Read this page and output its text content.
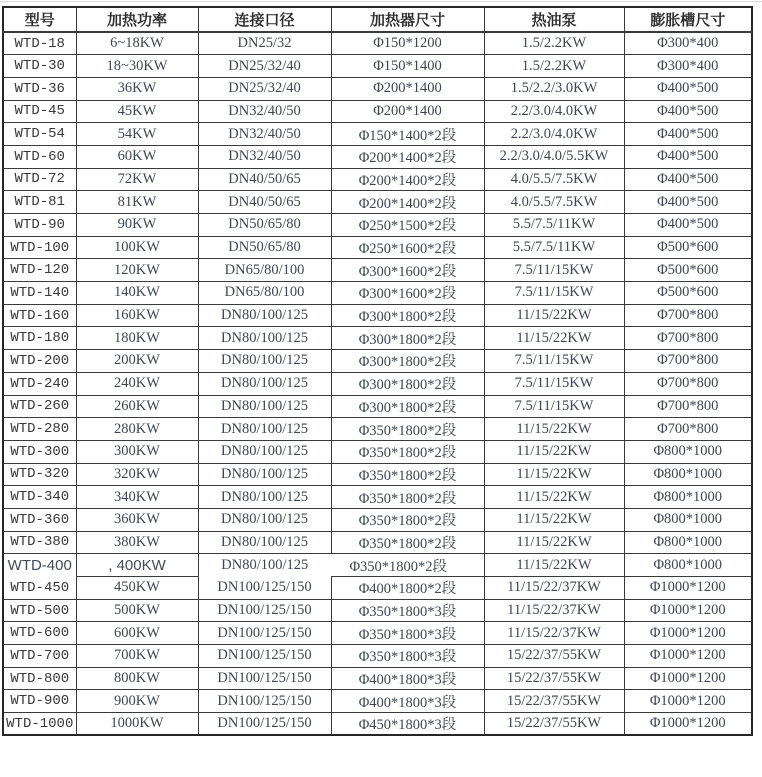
型号	加热功率	连接口径	加热器尺寸	热油泵	膨胀槽尺寸
WTD-18	6~18KW	DN25/32	Φ150*1200	1.5/2.2KW	Φ300*400
WTD-30	18~30KW	DN25/32/40	Φ150*1400	1.5/2.2KW	Φ300*400
WTD-36	36KW	DN25/32/40	Φ200*1400	1.5/2.2/3.0KW	Φ400*500
WTD-45	45KW	DN32/40/50	Φ200*1400	2.2/3.0/4.0KW	Φ400*500
WTD-54	54KW	DN32/40/50	Φ150*1400*2段	2.2/3.0/4.0KW	Φ400*500
WTD-60	60KW	DN32/40/50	Φ200*1400*2段	2.2/3.0/4.0/5.5KW	Φ400*500
WTD-72	72KW	DN40/50/65	Φ200*1400*2段	4.0/5.5/7.5KW	Φ400*500
WTD-81	81KW	DN40/50/65	Φ200*1400*2段	4.0/5.5/7.5KW	Φ400*500
WTD-90	90KW	DN50/65/80	Φ250*1500*2段	5.5/7.5/11KW	Φ400*500
WTD-100	100KW	DN50/65/80	Φ250*1600*2段	5.5/7.5/11KW	Φ500*600
WTD-120	120KW	DN65/80/100	Φ300*1600*2段	7.5/11/15KW	Φ500*600
WTD-140	140KW	DN65/80/100	Φ300*1600*2段	7.5/11/15KW	Φ500*600
WTD-160	160KW	DN80/100/125	Φ300*1800*2段	11/15/22KW	Φ700*800
WTD-180	180KW	DN80/100/125	Φ300*1800*2段	11/15/22KW	Φ700*800
WTD-200	200KW	DN80/100/125	Φ300*1800*2段	7.5/11/15KW	Φ700*800
WTD-240	240KW	DN80/100/125	Φ300*1800*2段	7.5/11/15KW	Φ700*800
WTD-260	260KW	DN80/100/125	Φ300*1800*2段	7.5/11/15KW	Φ700*800
WTD-280	280KW	DN80/100/125	Φ350*1800*2段	11/15/22KW	Φ700*800
WTD-300	300KW	DN80/100/125	Φ350*1800*2段	11/15/22KW	Φ800*1000
WTD-320	320KW	DN80/100/125	Φ350*1800*2段	11/15/22KW	Φ800*1000
WTD-340	340KW	DN80/100/125	Φ350*1800*2段	11/15/22KW	Φ800*1000
WTD-360	360KW	DN80/100/125	Φ350*1800*2段	11/15/22KW	Φ800*1000
WTD-380	380KW	DN80/100/125	Φ350*1800*2段	11/15/22KW	Φ800*1000
WTD-400	, 400KW	DN80/100/125	Φ350*1800*2段	11/15/22KW	Φ800*1000
WTD-450	450KW	DN100/125/150	Φ400*1800*2段	11/15/22/37KW	Φ1000*1200
WTD-500	500KW	DN100/125/150	Φ350*1800*3段	11/15/22/37KW	Φ1000*1200
WTD-600	600KW	DN100/125/150	Φ350*1800*3段	11/15/22/37KW	Φ1000*1200
WTD-700	700KW	DN100/125/150	Φ350*1800*3段	15/22/37/55KW	Φ1000*1200
WTD-800	800KW	DN100/125/150	Φ400*1800*3段	15/22/37/55KW	Φ1000*1200
WTD-900	900KW	DN100/125/150	Φ400*1800*3段	15/22/37/55KW	Φ1000*1200
WTD-1000	1000KW	DN100/125/150	Φ450*1800*3段	15/22/37/55KW	Φ1000*1200
